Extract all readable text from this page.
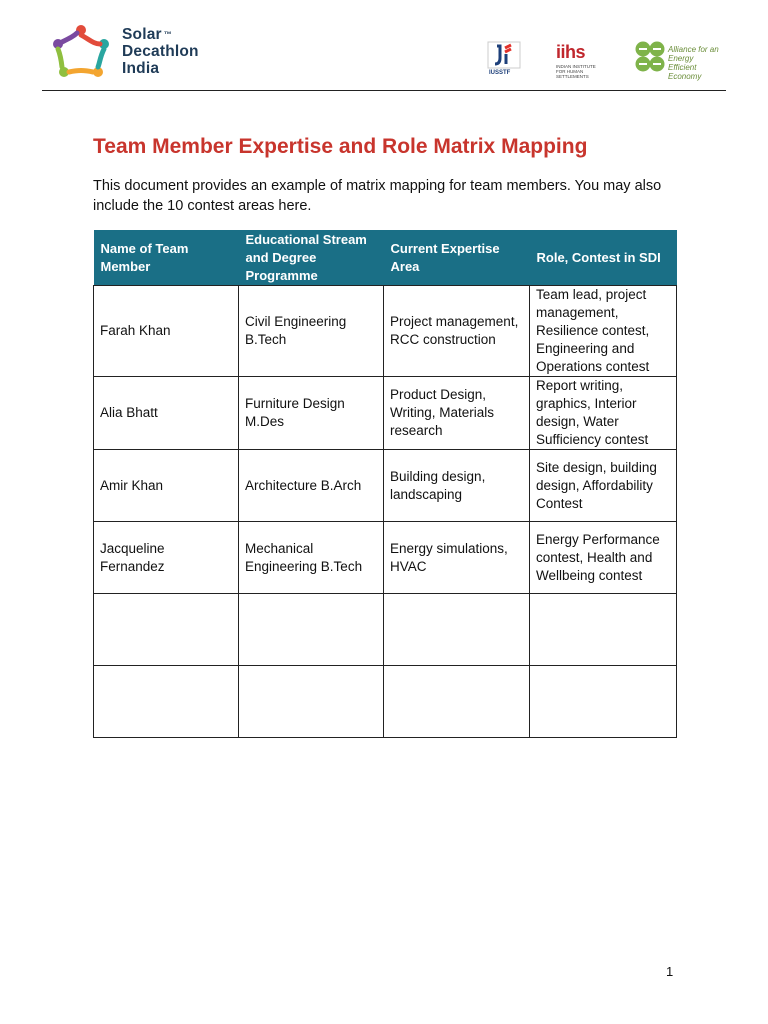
Solar ™
Decathlon
India	IUSSTF
iihs
INDIAN INSTITUTE FOR HUMAN SETTLEMENTS
Alliance for an Energy Efficient Economy
Team Member Expertise and Role Matrix Mapping

This document provides an example of matrix mapping for team members. You may also include the 10 contest areas here.

Name of Team Member	Educational Stream and Degree Programme	Current Expertise Area	Role, Contest in SDI
Farah Khan	Civil Engineering B.Tech	Project management, RCC construction	Team lead, project management, Resilience contest, Engineering and Operations contest
Alia Bhatt	Furniture Design M.Des	Product Design, Writing, Materials research	Report writing, graphics, Interior design, Water Sufficiency contest
Amir Khan	Architecture B.Arch	Building design, landscaping	Site design, building design, Affordability Contest
Jacqueline Fernandez	Mechanical Engineering B.Tech	Energy simulations, HVAC	Energy Performance contest, Health and Wellbeing contest

1
